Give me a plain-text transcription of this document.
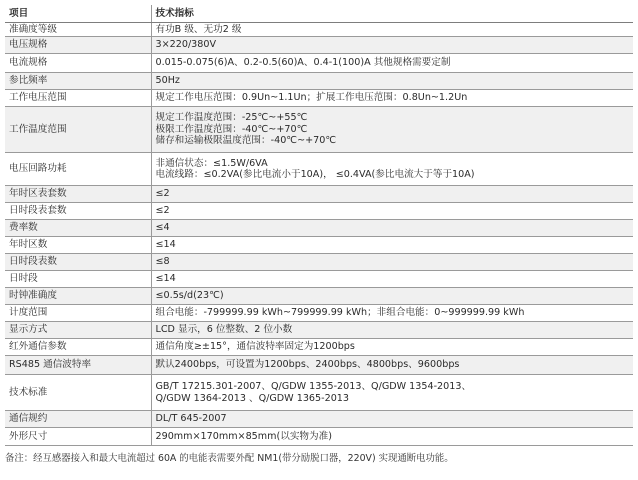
项目	技术指标
准确度等级	有功B 级、无功2 级

电压规格	3×220/380V

电流规格	0.015-0.075(6)A、0.2-0.5(60)A、0.4-1(100)A 其他规格需要定制

参比频率	50Hz

工作电压范围	规定工作电压范围：0.9Un~1.1Un；扩展工作电压范围：0.8Un~1.2Un

工作温度范围	规定工作温度范围：-25℃~+55℃
极限工作温度范围：-40℃~+70℃
储存和运输极限温度范围：-40℃~+70℃

电压回路功耗	非通信状态：≤1.5W/6VA
电流线路：≤0.2VA(参比电流小于10A)， ≤0.4VA(参比电流大于等于10A)

年时区表套数	≤2

日时段表套数	≤2

费率数	≤4

年时区数	≤14

日时段表数	≤8

日时段	≤14

时钟准确度	≤0.5s/d(23℃)

计度范围	组合电能：-799999.99 kWh~799999.99 kWh；非组合电能：0~999999.99 kWh

显示方式	LCD 显示，6 位整数、2 位小数

红外通信参数	通信角度≥±15°，通信波特率固定为1200bps

RS485 通信波特率	默认2400bps，可设置为1200bps、2400bps、4800bps、9600bps

技术标准	GB/T 17215.301-2007、Q/GDW 1355-2013、Q/GDW 1354-2013、
Q/GDW 1364-2013 、Q/GDW 1365-2013

通信规约	DL/T 645-2007

外形尺寸	290mm×170mm×85mm(以实物为准)
备注：经互感器接入和最大电流超过 60A 的电能表需要外配 NM1(带分励脱口器，220V) 实现通断电功能。
